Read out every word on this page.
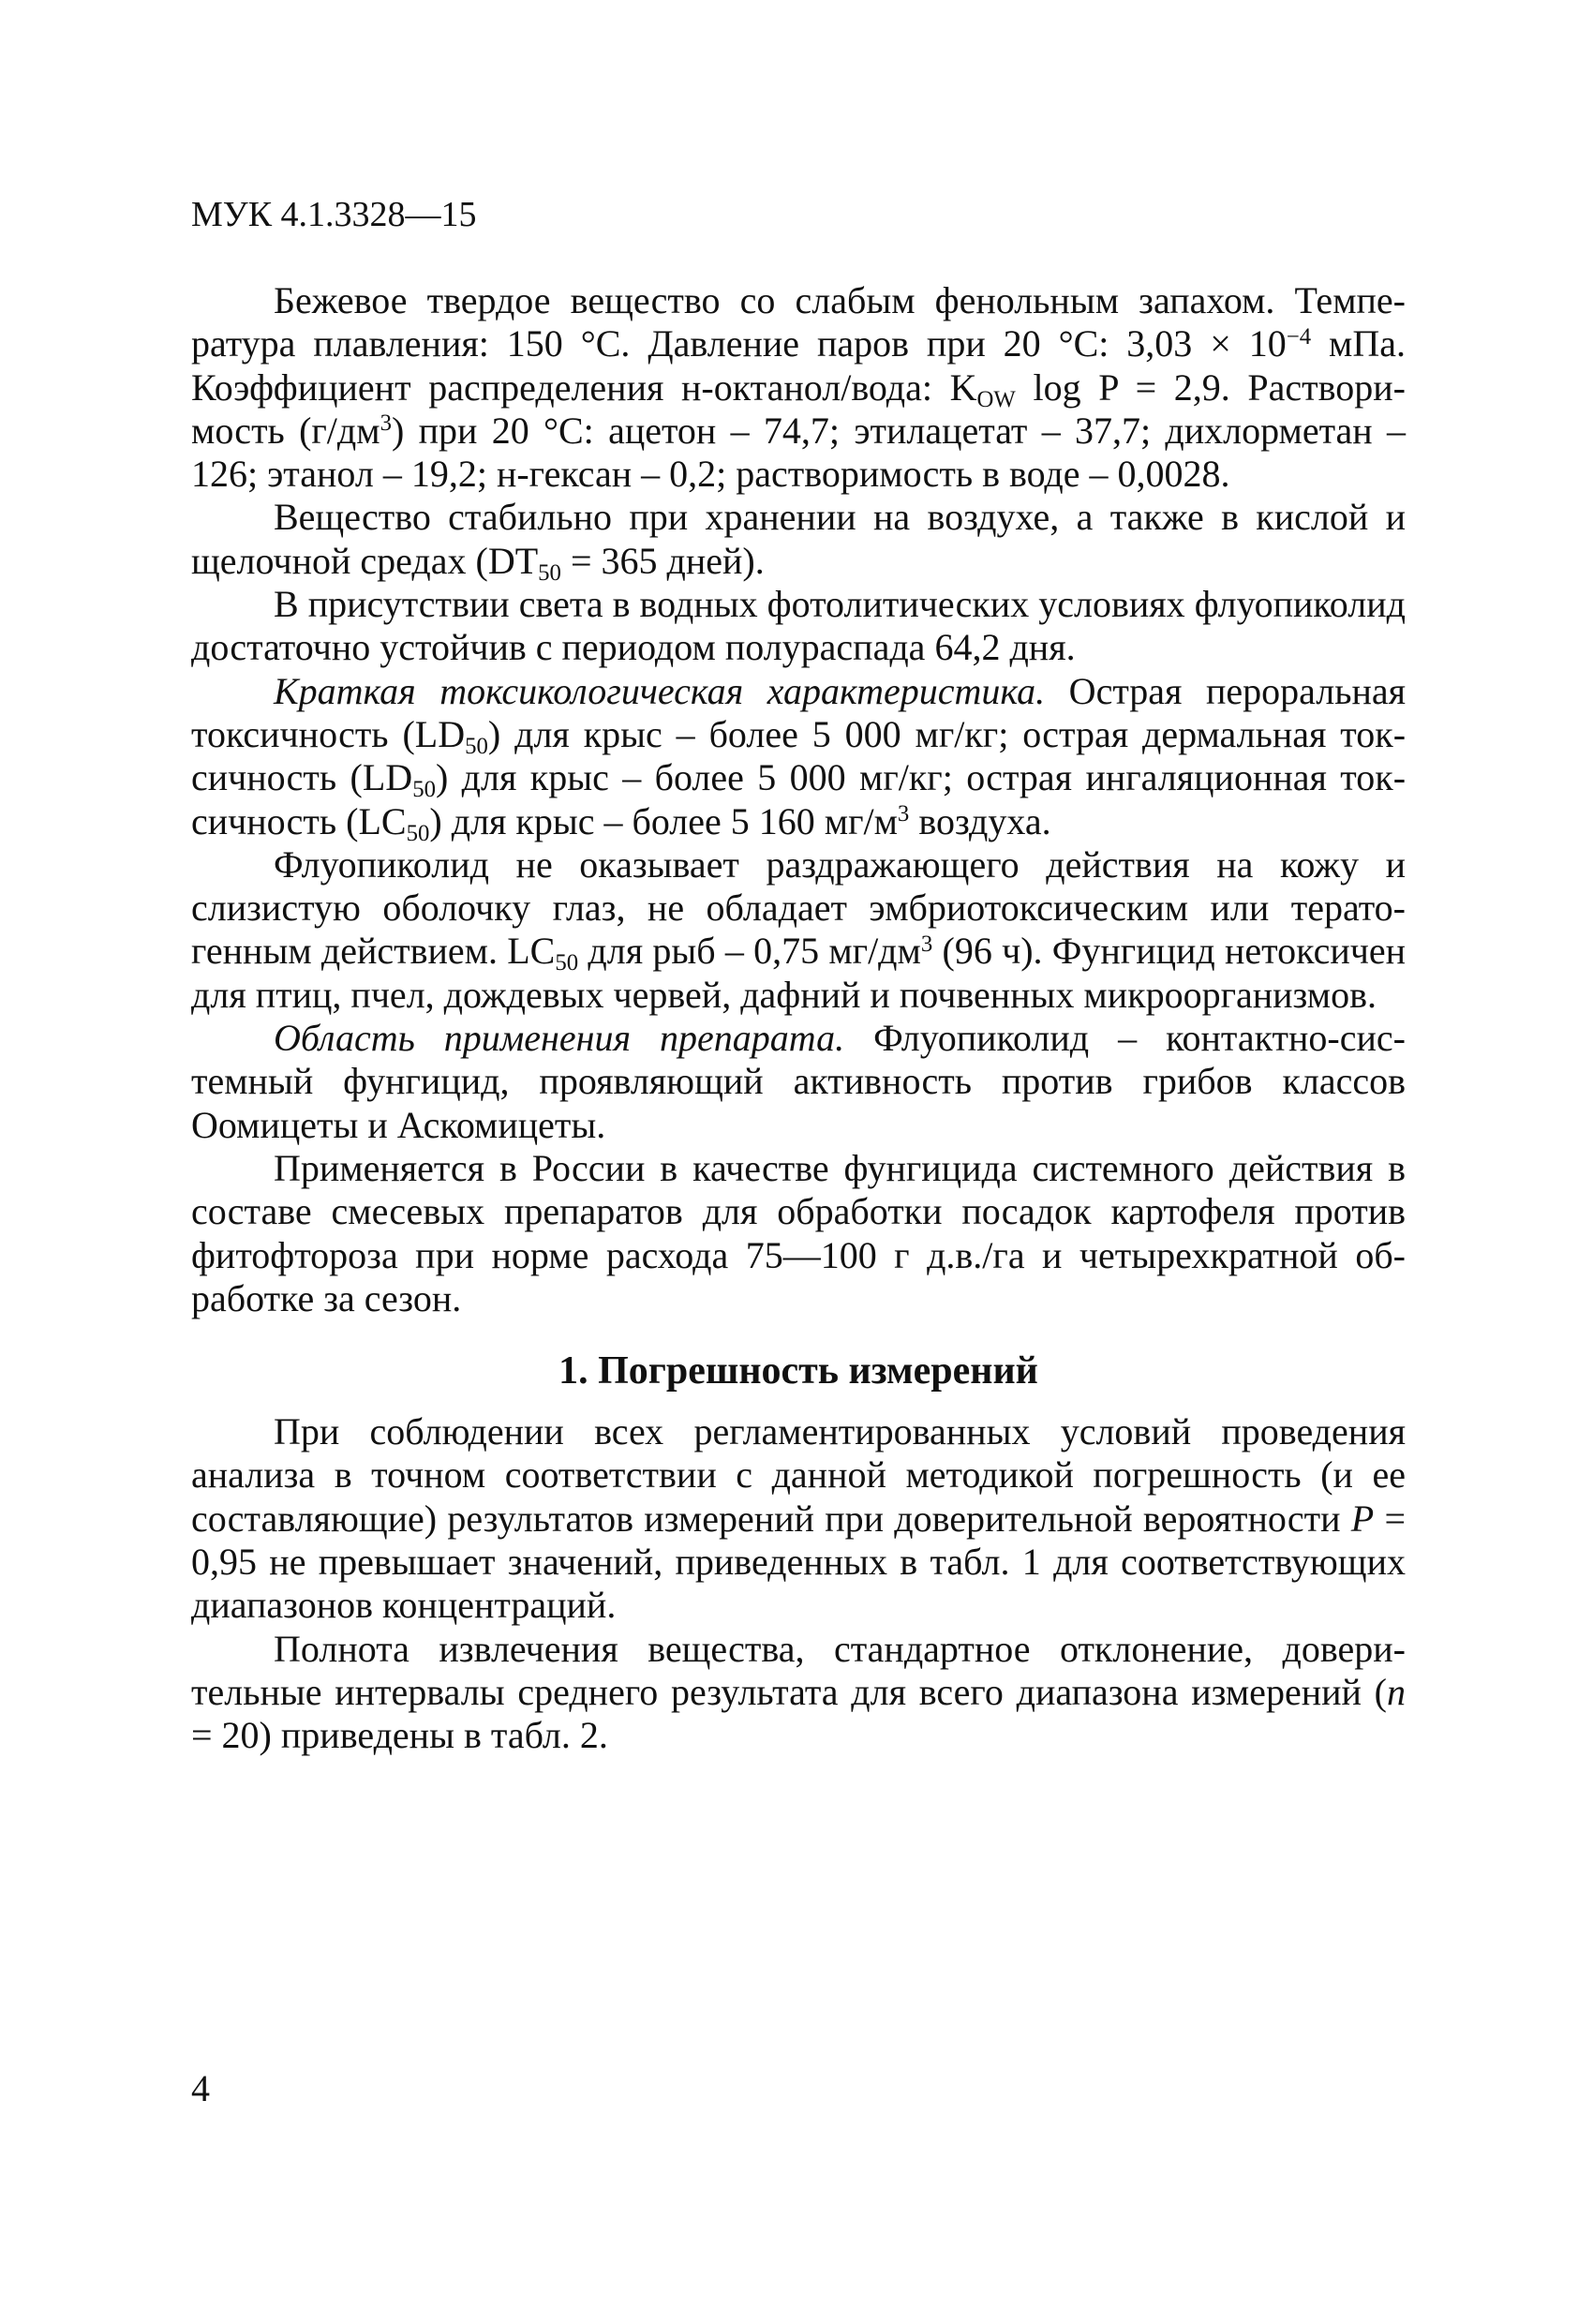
МУК 4.1.3328—15

Бежевое твердое вещество со слабым фенольным запахом. Температура плавления: 150 °С. Давление паров при 20 °С: $3,03 \times 10^{-4}$ мПа. Коэффициент распределения н-октанол/вода: $K_{OW}$ log P = 2,9. Растворимость $(г/дм^3)$ при 20 °С: ацетон – 74,7; этилацетат – 37,7; дихлорметан – 126; этанол – 19,2; н-гексан – 0,2; растворимость в воде – 0,0028.

Вещество стабильно при хранении на воздухе, а также в кислой и щелочной средах ($DT_{50} = 365$ дней).

В присутствии света в водных фотолитических условиях флуопиколид достаточно устойчив с периодом полураспада 64,2 дня.

Краткая токсикологическая характеристика. Острая пероральная токсичность $(LD_{50})$ для крыс – более 5 000 мг/кг; острая дермальная токсичность $(LD_{50})$ для крыс – более 5 000 мг/кг; острая ингаляционная токсичность $(LC_{50})$ для крыс – более 5 160 $мг/м^3$ воздуха.

Флуопиколид не оказывает раздражающего действия на кожу и слизистую оболочку глаз, не обладает эмбриотоксическим или тератогенным действием. $LC_{50}$ для рыб – 0,75 $мг/дм^3$ (96 ч). Фунгицид нетоксичен для птиц, пчел, дождевых червей, дафний и почвенных микроорганизмов.

Область применения препарата. Флуопиколид – контактно-системный фунгицид, проявляющий активность против грибов классов Оомицеты и Аскомицеты.

Применяется в России в качестве фунгицида системного действия в составе смесевых препаратов для обработки посадок картофеля против фитофтороза при норме расхода 75—100 г д.в./га и четырехкратной обработке за сезон.

1. Погрешность измерений

При соблюдении всех регламентированных условий проведения анализа в точном соответствии с данной методикой погрешность (и ее составляющие) результатов измерений при доверительной вероятности P = 0,95 не превышает значений, приведенных в табл. 1 для соответствующих диапазонов концентраций.

Полнота извлечения вещества, стандартное отклонение, доверительные интервалы среднего результата для всего диапазона измерений (n = 20) приведены в табл. 2.

4
